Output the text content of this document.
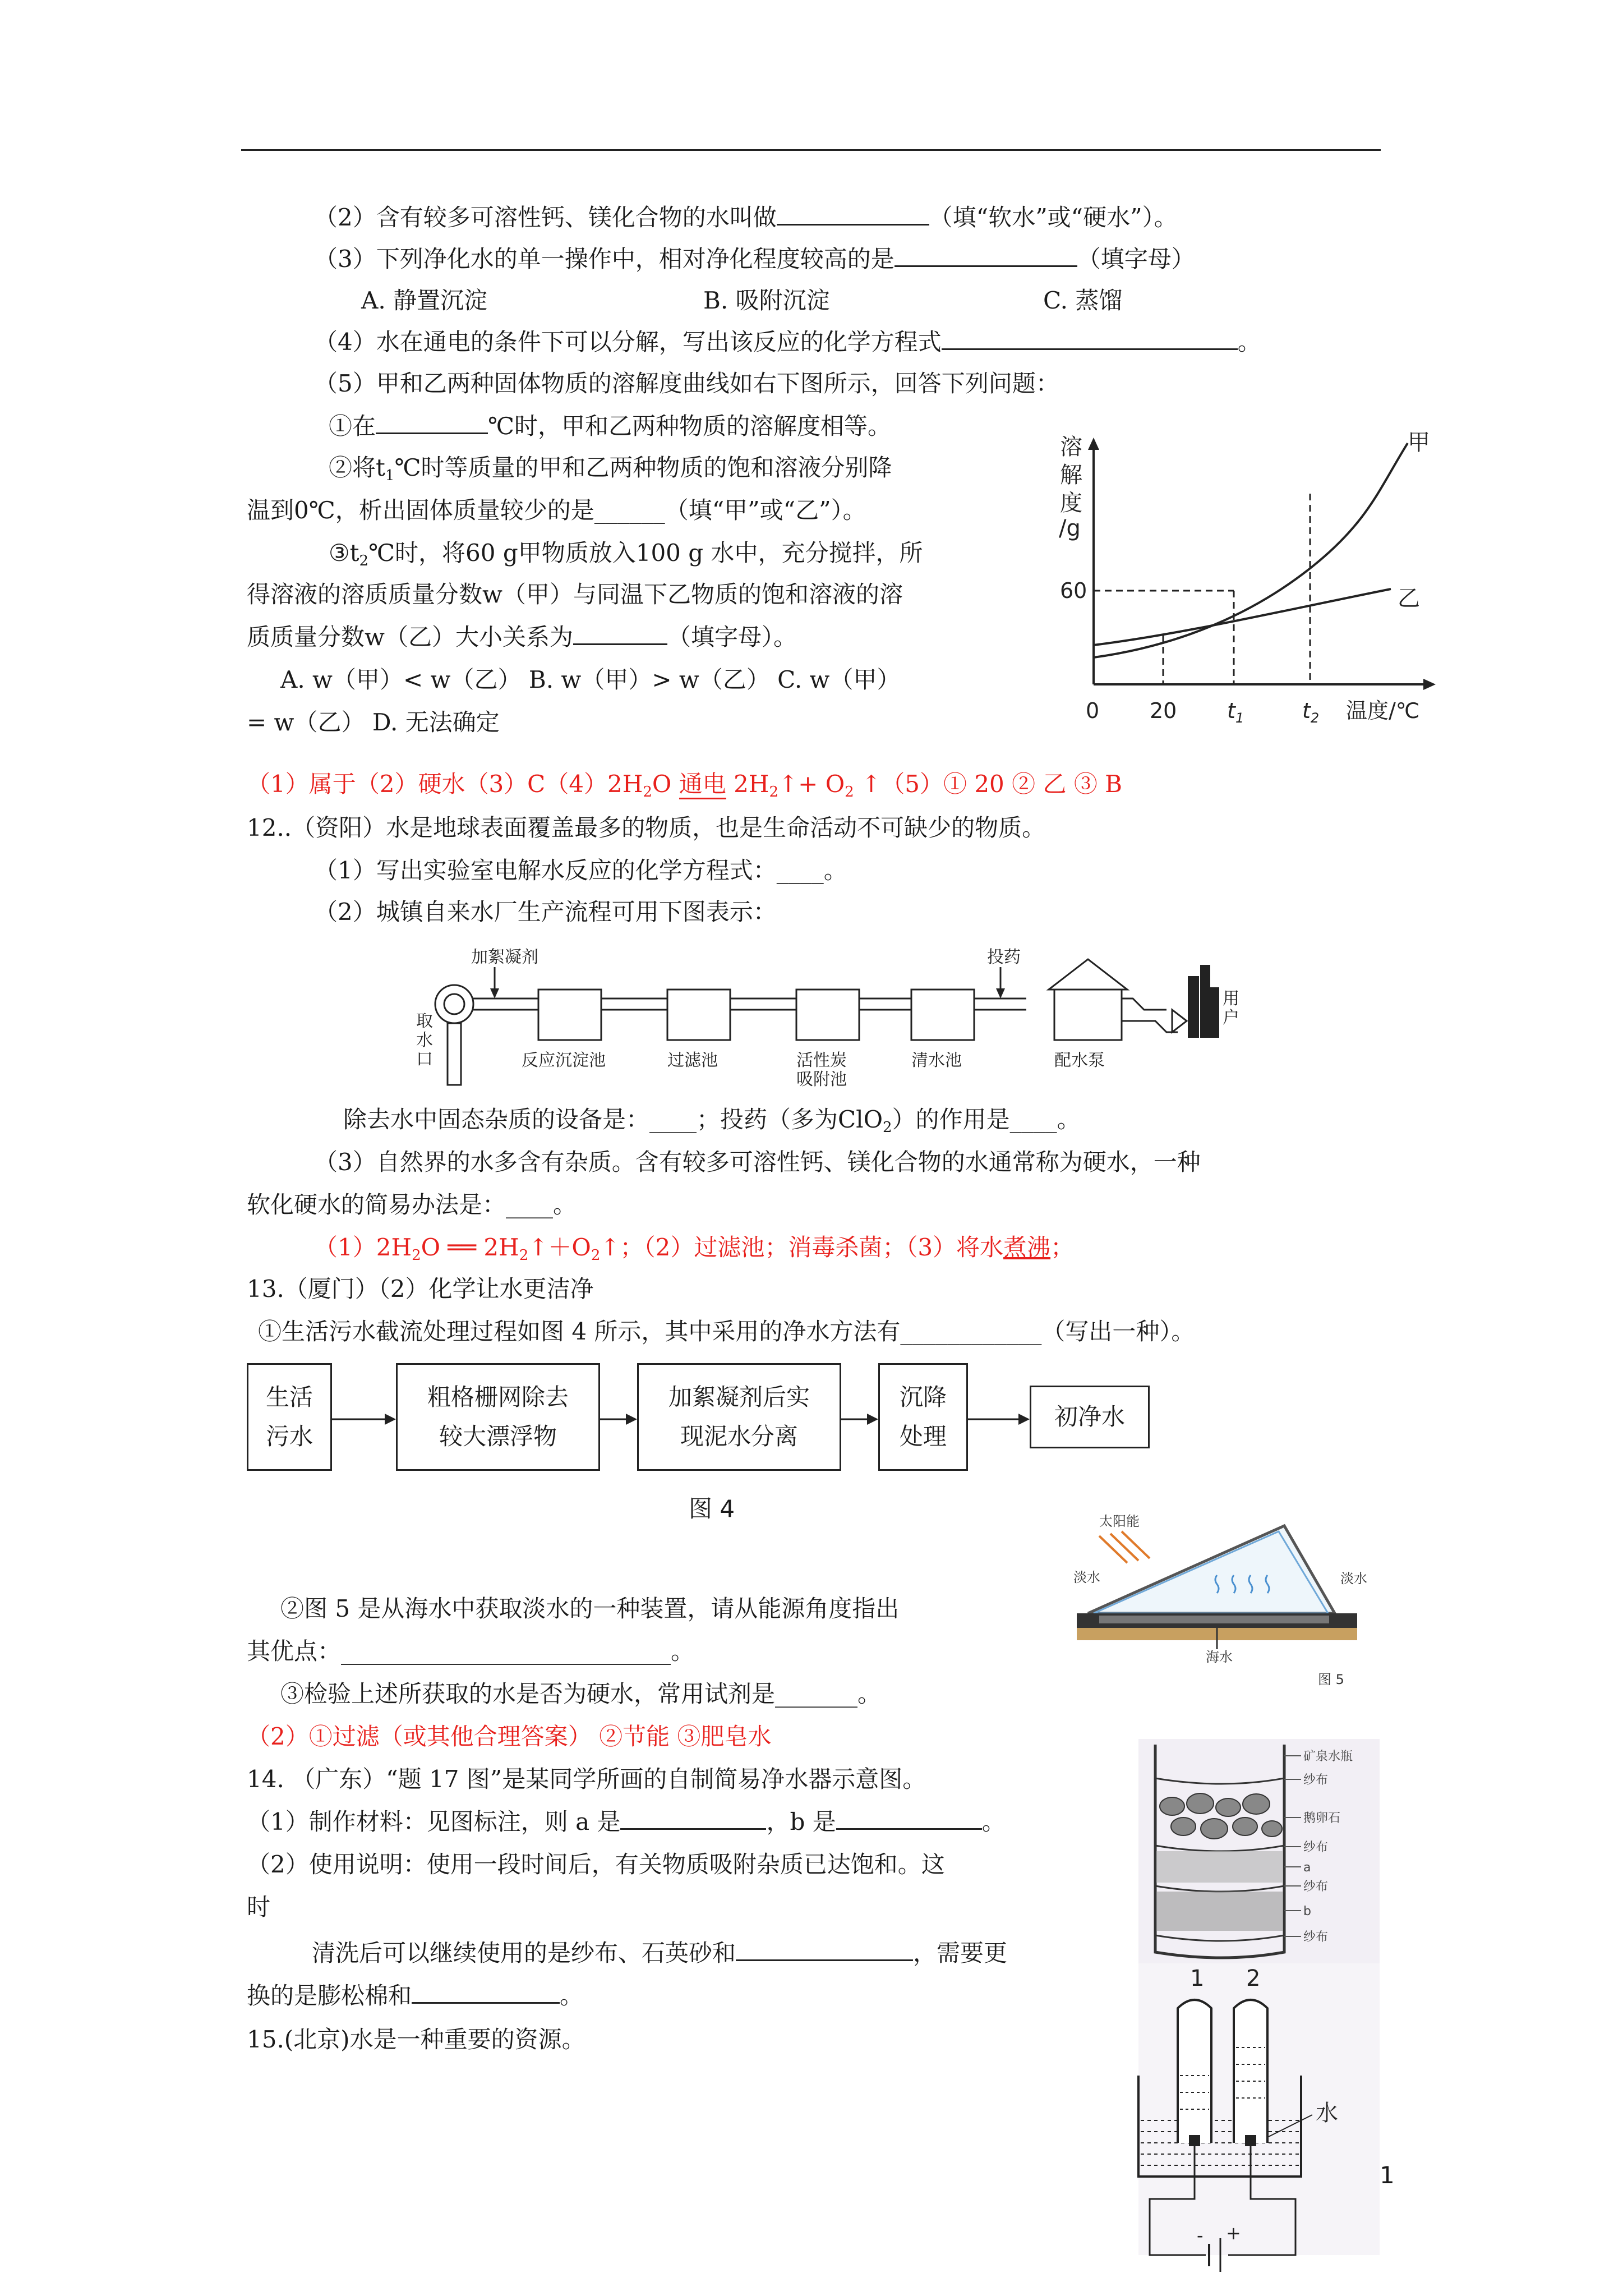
（2）含有较多可溶性钙、镁化合物的水叫做	（填“软水”或“硬水”）。
（3）下列净化水的单一操作中，相对净化程度较高的是	（填字母）
A. 静置沉淀	B. 吸附沉淀	C. 蒸馏
（4）水在通电的条件下可以分解，写出该反应的化学方程式	。
（5）甲和乙两种固体物质的溶解度曲线如右下图所示，回答下列问题：
①在	℃时，甲和乙两种物质的溶解度相等。
②将$t_1℃$时等质量的甲和乙两种物质的饱和溶液分别降
温到0℃，析出固体质量较少的是______（填“甲”或“乙”）。
$③t_2℃$时，将60 g甲物质放入100 g 水中，充分搅拌，所
得溶液的溶质质量分数w（甲）与同温下乙物质的饱和溶液的溶
质质量分数w（乙）大小关系为	（填字母）。
A. w（甲）< w（乙） B. w（甲）> w（乙） C. w（甲）
= w（乙） D. 无法确定
溶
解
度
/g
60
0 20 $t_1$	$t_2$ 温度/℃
甲
乙
（1）属于（2）硬水$(3)C(4)2H_2O$ 通电 $2H_2↑+ O_2$ ↑（5）① 20 ② 乙 ③ B
12..（资阳）水是地球表面覆盖最多的物质，也是生命活动不可缺少的物质。
（1）写出实验室电解水反应的化学方程式：____。
（2）城镇自来水厂生产流程可用下图表示：
加絮凝剂	投药
反应沉淀池	过滤池	活性炭
吸附池
清水池	配水泵
取
水
口
用
户
除去水中固态杂质的设备是：____；投药（多为ClO$_2$）的作用是____。
（3）自然界的水多含有杂质。含有较多可溶性钙、镁化合物的水通常称为硬水，一种
软化硬水的简易办法是：____。
$(1)2H_2O$ ══ $2H_2↑+O_2↑$；（2）过滤池；消毒杀菌；（3）将水煮沸；
13.（厦门）（2）化学让水更洁净
①生活污水截流处理过程如图 4 所示，其中采用的净水方法有____________（写出一种）。
生活
污水
粗格栅网除去
较大漂浮物
加絮凝剂后实
现泥水分离
沉降
处理
初净水
图 4	太阳能
淡水	淡水
海水
图 5
②图 5 是从海水中获取淡水的一种装置，请从能源角度指出
其优点：____________________________。
③检验上述所获取的水是否为硬水，常用试剂是_______。
（2）①过滤（或其他合理答案） ②节能 ③肥皂水
14. （广东）“题 17 图”是某同学所画的自制简易净水器示意图。
（1）制作材料：见图标注，则 a 是	，b 是	。
（2）使用说明：使用一段时间后，有关物质吸附杂质已达饱和。这
时
清洗后可以继续使用的是纱布、石英砂和	，需要更
换的是膨松棉和	。
矿泉水瓶
纱布
鹅卵石
纱布
a
纱布
b
纱布
15.(北京)水是一种重要的资源。
1 2
水
- +
1
